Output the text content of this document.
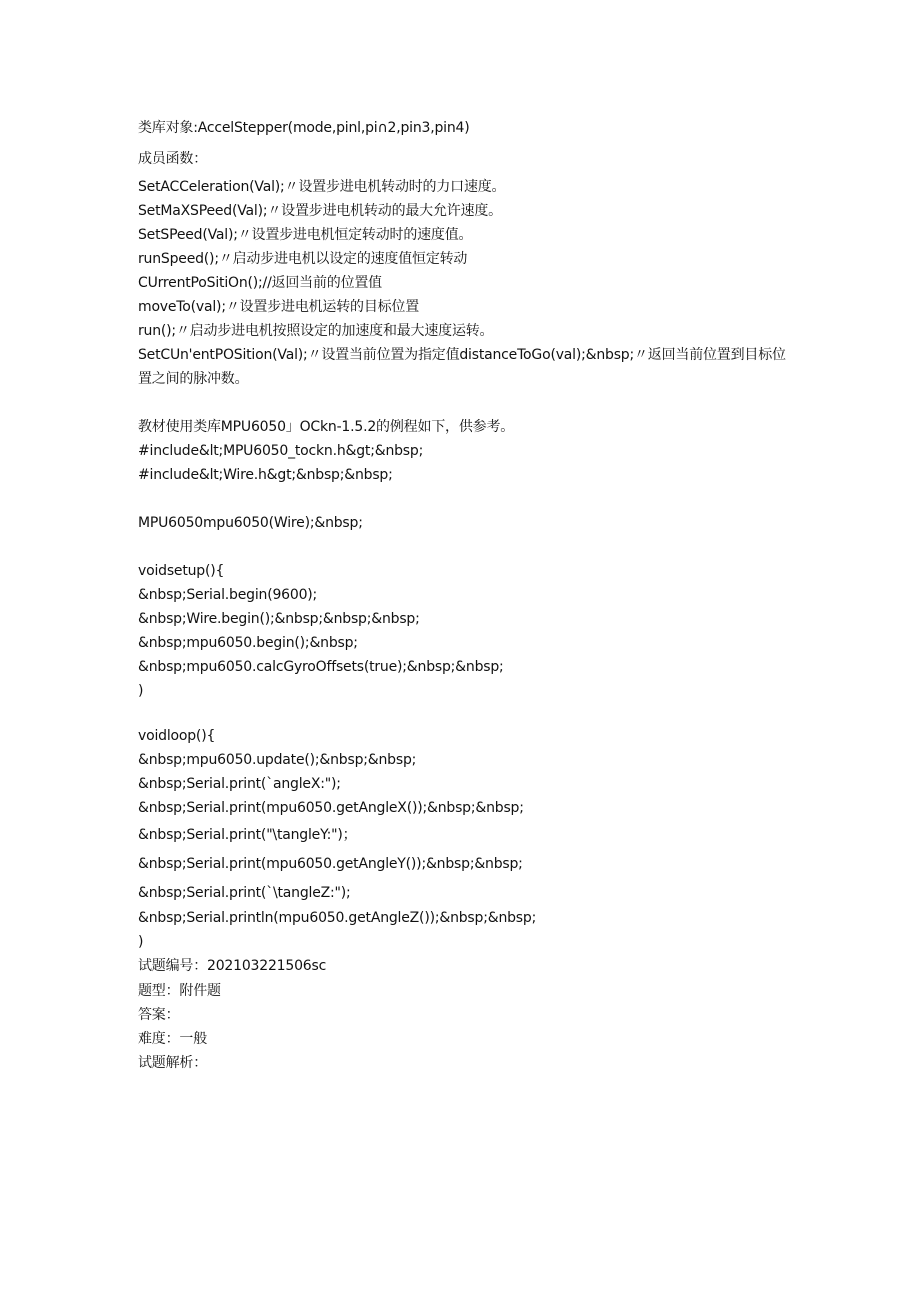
类库对象:AccelStepper(mode,pinl,pi∩2,pin3,pin4)
成员函数：
SetACCeleration(Val);〃设置步进电机转动时的力口速度。
SetMaXSPeed(Val);〃设置步进电机转动的最大允许速度。
SetSPeed(Val);〃设置步进电机恒定转动时的速度值。
runSpeed();〃启动步进电机以设定的速度值恒定转动
CUrrentPoSitiOn();//返回当前的位置值
moveTo(val);〃设置步进电机运转的目标位置
run();〃启动步进电机按照设定的加速度和最大速度运转。
SetCUn'entPOSition(Val);〃设置当前位置为指定值distanceToGo(val);&nbsp;〃返回当前位置到目标位置之间的脉冲数。
教材使用类库MPU6050」OCkn-1.5.2的例程如下，供参考。
#include&lt;MPU6050_tockn.h&gt;&nbsp;
#include&lt;Wire.h&gt;&nbsp;&nbsp;
MPU6050mpu6050(Wire);&nbsp;
voidsetup(){
&nbsp;Serial.begin(9600);
&nbsp;Wire.begin();&nbsp;&nbsp;&nbsp;
&nbsp;mpu6050.begin();&nbsp;
&nbsp;mpu6050.calcGyroOffsets(true);&nbsp;&nbsp;
)
voidloop(){
&nbsp;mpu6050.update();&nbsp;&nbsp;
&nbsp;Serial.print(`angleX:");
&nbsp;Serial.print(mpu6050.getAngleX());&nbsp;&nbsp;
&nbsp;Serial.print("\tangleY:")；
&nbsp;Serial.print(mpu6050.getAngleY());&nbsp;&nbsp;
&nbsp;Serial.print(`\tangleZ:");
&nbsp;Serial.println(mpu6050.getAngleZ());&nbsp;&nbsp;
)
试题编号：202103221506sc
题型：附件题
答案：
难度：一般
试题解析：
